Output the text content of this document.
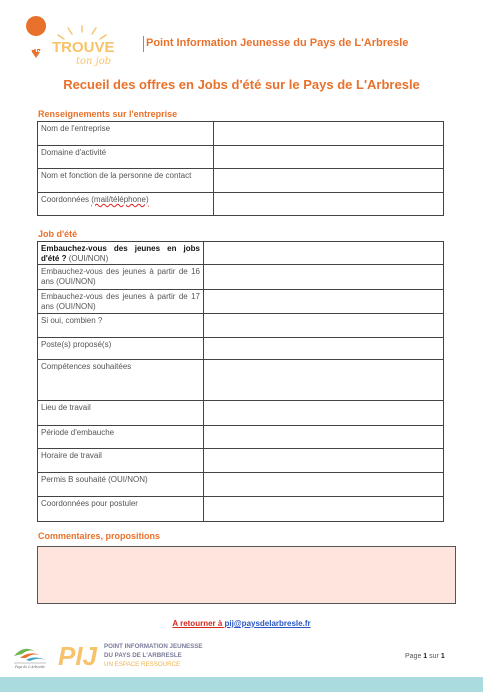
PIJ TROUVE
ton job
Point Information Jeunesse du Pays de L'Arbresle
Recueil des offres en Jobs d'été sur le Pays de L'Arbresle
Renseignements sur l'entreprise
Nom de l'entreprise	
Domaine d'activité	
Nom et fonction de la personne de contact	
Coordonnées (mail/téléphone)	
Job d'été
Embauchez-vous des jeunes en jobs d'été ? (OUI/NON)	
Embauchez-vous des jeunes à partir de 16 ans (OUI/NON)	
Embauchez-vous des jeunes à partir de 17 ans (OUI/NON)	
Si oui, combien ?	
Poste(s) proposé(s)	
Compétences souhaitées	
Lieu de travail	
Période d'embauche	
Horaire de travail	
Permis B souhaité (OUI/NON)	
Coordonnées pour postuler	
Commentaires, propositions
A retourner à pij@paysdelarbresle.fr
Pays de L'Arbresle PIJ POINT INFORMATION JEUNESSE
DU PAYS DE L'ARBRESLE
UN ESPACE RESSOURCE
Page 1 sur 1
